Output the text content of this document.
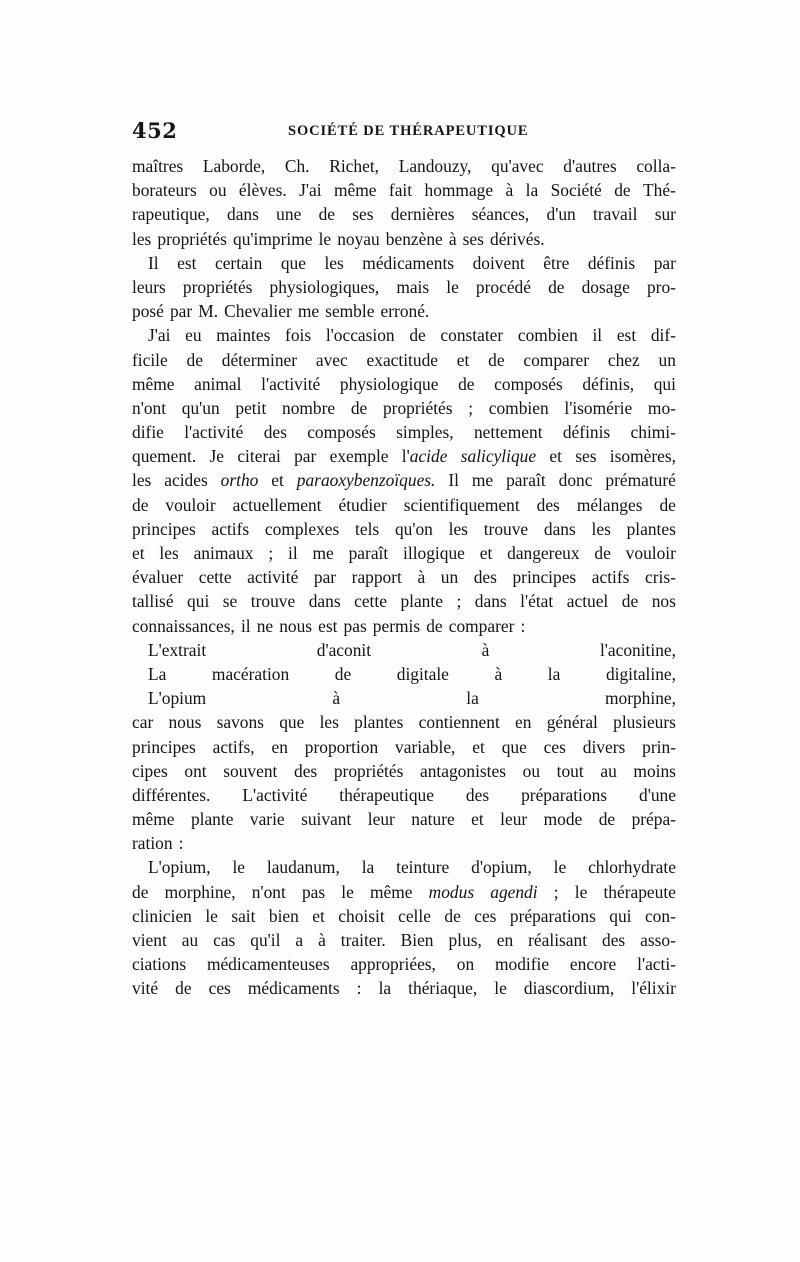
452	SOCIÉTÉ DE THÉRAPEUTIQUE
maîtres Laborde, Ch. Richet, Landouzy, qu'avec d'autres colla-
borateurs ou élèves. J'ai même fait hommage à la Société de Thé-
rapeutique, dans une de ses dernières séances, d'un travail sur
les propriétés qu'imprime le noyau benzène à ses dérivés.
Il est certain que les médicaments doivent être définis par
leurs propriétés physiologiques, mais le procédé de dosage pro-
posé par M. Chevalier me semble erroné.
J'ai eu maintes fois l'occasion de constater combien il est dif-
ficile de déterminer avec exactitude et de comparer chez un
même animal l'activité physiologique de composés définis, qui
n'ont qu'un petit nombre de propriétés ; combien l'isomérie mo-
difie l'activité des composés simples, nettement définis chimi-
quement. Je citerai par exemple l'acide salicylique et ses isomères,
les acides ortho et paraoxybenzoïques. Il me paraît donc prématuré
de vouloir actuellement étudier scientifiquement des mélanges de
principes actifs complexes tels qu'on les trouve dans les plantes
et les animaux ; il me paraît illogique et dangereux de vouloir
évaluer cette activité par rapport à un des principes actifs cris-
tallisé qui se trouve dans cette plante ; dans l'état actuel de nos
connaissances, il ne nous est pas permis de comparer :
L'extrait	d'aconit	à	l'aconitine,
La	macération	de	digitale	à	la	digitaline,
L'opium	à	la	morphine,
car nous savons que les plantes contiennent en général plusieurs
principes actifs, en proportion variable, et que ces divers prin-
cipes ont souvent des propriétés antagonistes ou tout au moins
différentes. L'activité thérapeutique des préparations d'une
même plante varie suivant leur nature et leur mode de prépa-
ration :
L'opium, le laudanum, la teinture d'opium, le chlorhydrate
de morphine, n'ont pas le même modus agendi ; le thérapeute
clinicien le sait bien et choisit celle de ces préparations qui con-
vient au cas qu'il a à traiter. Bien plus, en réalisant des asso-
ciations médicamenteuses appropriées, on modifie encore l'acti-
vité de ces médicaments : la thériaque, le diascordium, l'élixir
